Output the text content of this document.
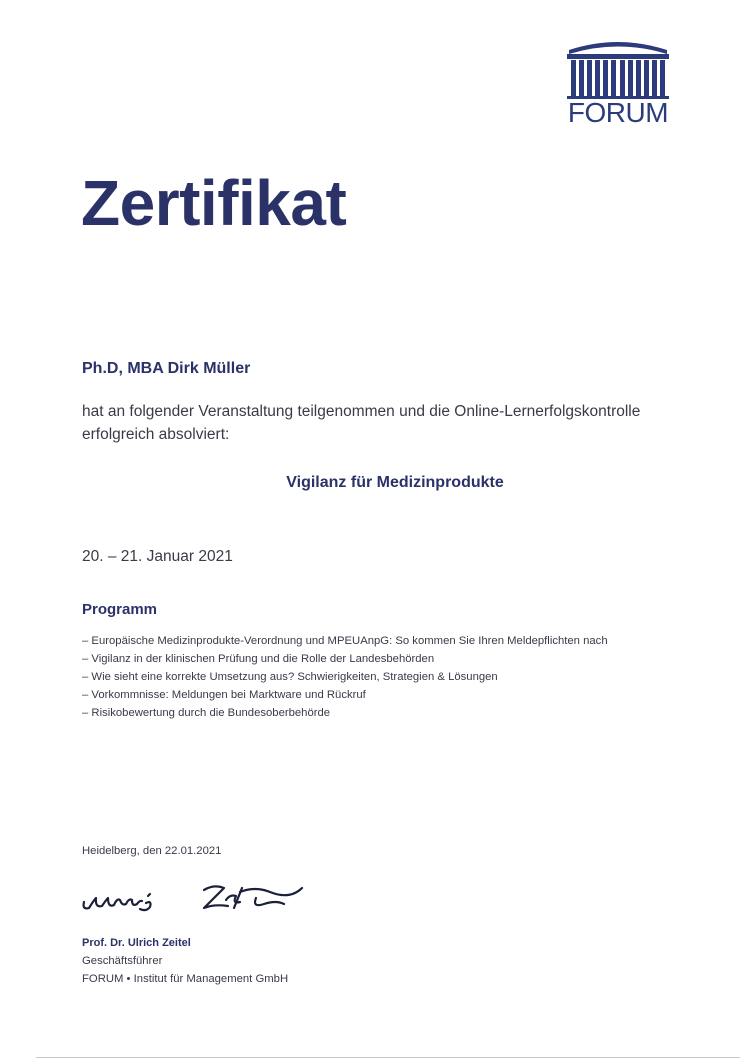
FORUM
Zertifikat
Ph.D, MBA Dirk Müller
hat an folgender Veranstaltung teilgenommen und die Online-Lernerfolgskontrolle erfolgreich absolviert:
Vigilanz für Medizinprodukte
20. – 21. Januar 2021
Programm
– Europäische Medizinprodukte-Verordnung und MPEUAnpG: So kommen Sie Ihren Meldepflichten nach
– Vigilanz in der klinischen Prüfung und die Rolle der Landesbehörden
– Wie sieht eine korrekte Umsetzung aus? Schwierigkeiten, Strategien & Lösungen
– Vorkommnisse: Meldungen bei Marktware und Rückruf
– Risikobewertung durch die Bundesoberbehörde
Heidelberg, den 22.01.2021
Prof. Dr. Ulrich Zeitel
Geschäftsführer
FORUM • Institut für Management GmbH
